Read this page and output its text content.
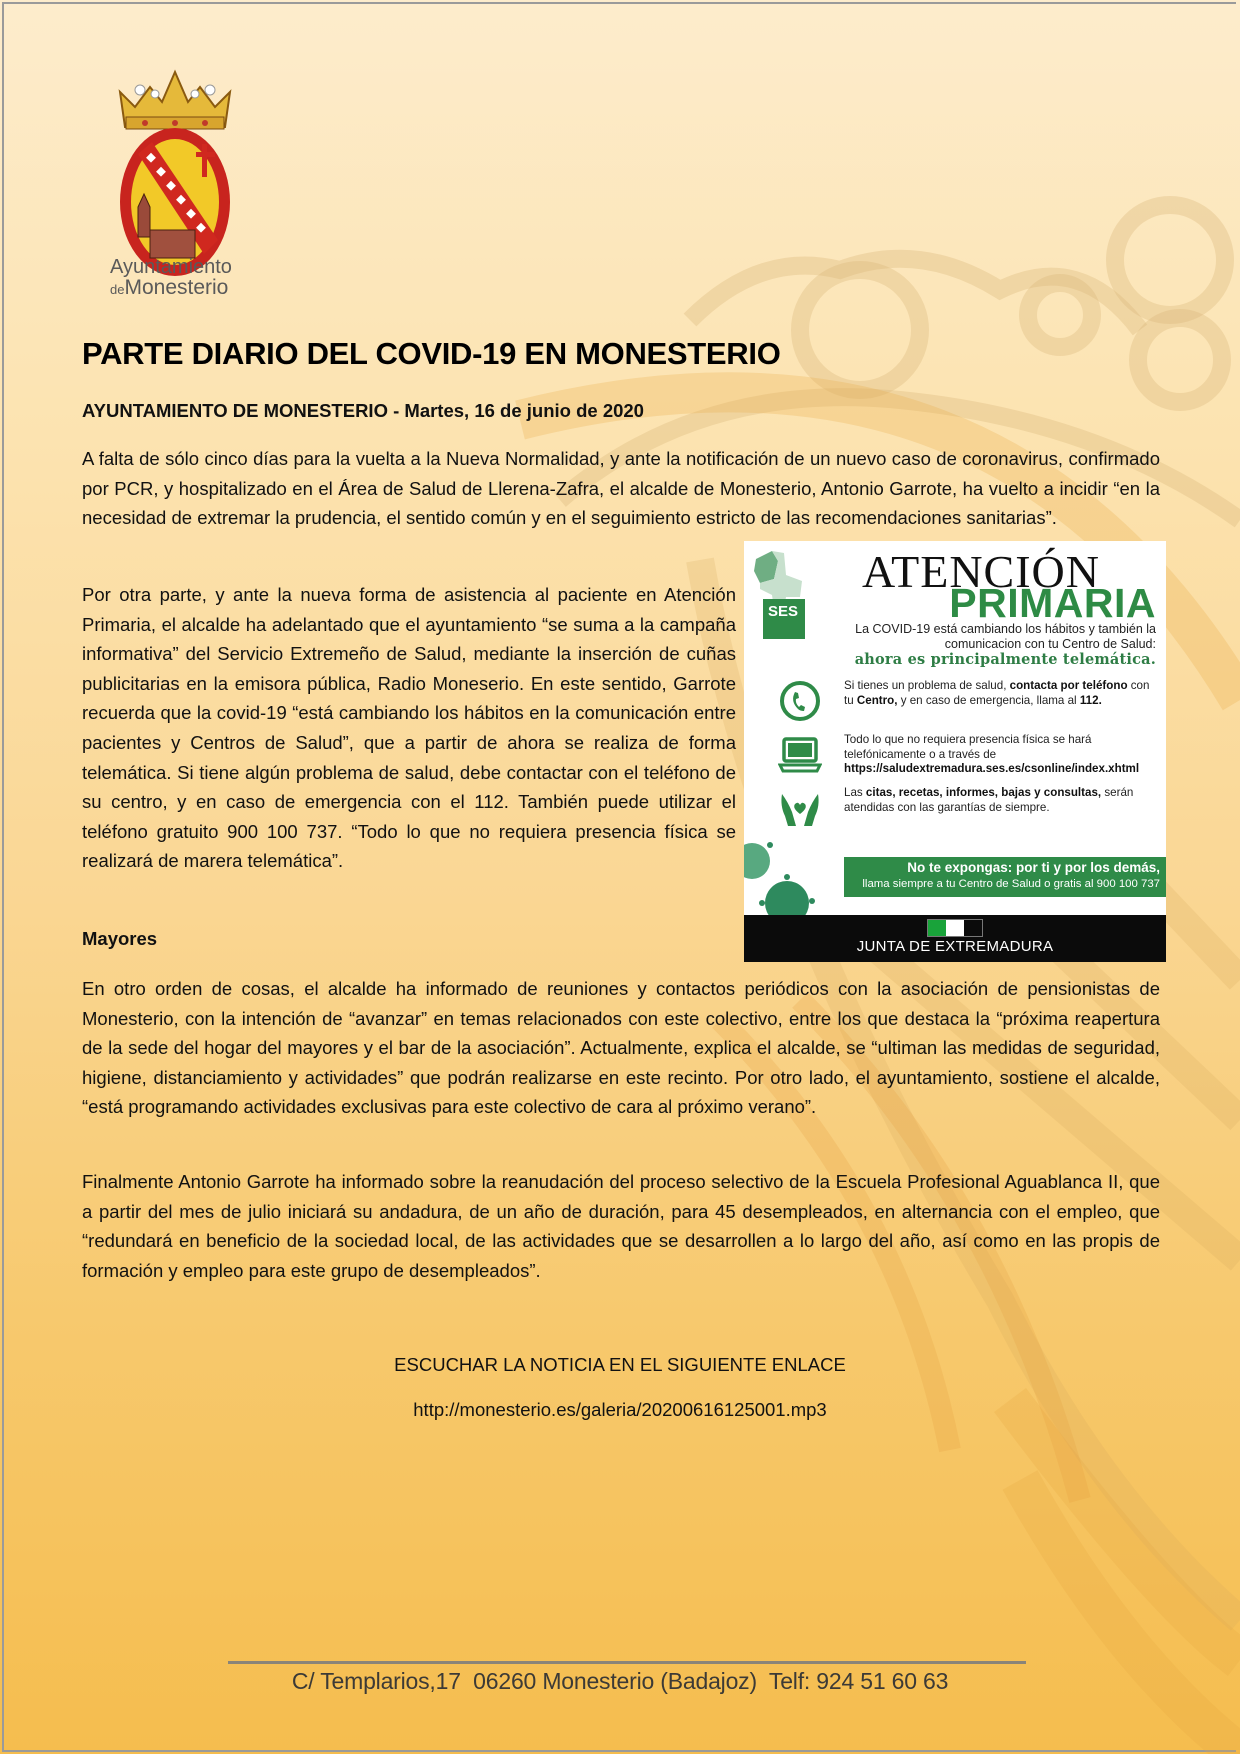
Ayuntamiento
deMonesterio
PARTE DIARIO DEL COVID-19 EN MONESTERIO
AYUNTAMIENTO DE MONESTERIO - Martes, 16 de junio de 2020

A falta de sólo cinco días para la vuelta a la Nueva Normalidad, y ante la notificación de un nuevo caso de coronavirus, confirmado por PCR, y hospitalizado en el Área de Salud de Llerena-Zafra, el alcalde de Monesterio, Antonio Garrote, ha vuelto a incidir “en la necesidad de extremar la prudencia, el sentido común y en el seguimiento estricto de las recomendaciones sanitarias”.

Por otra parte, y ante la nueva forma de asistencia al paciente en Atención Primaria, el alcalde ha adelantado que el ayuntamiento “se suma a la campaña informativa” del Servicio Extremeño de Salud, mediante la inserción de cuñas publicitarias en la emisora pública, Radio Moneserio. En este sentido, Garrote recuerda que la covid-19 “está cambiando los hábitos en la comunicación entre pacientes y Centros de Salud”, que a partir de ahora se realiza de forma telemática. Si tiene algún problema de salud, debe contactar con el teléfono de su centro, y en caso de emergencia con el 112. También puede utilizar el teléfono gratuito 900 100 737. “Todo lo que no requiera presencia física se realizará de marera telemática”.

SES
ATENCIÓN
PRIMARIA
La COVID-19 está cambiando los hábitos y también la comunicacion con tu Centro de Salud:
ahora es principalmente telemática.
Si tienes un problema de salud, contacta por teléfono con tu Centro, y en caso de emergencia, llama al 112.
Todo lo que no requiera presencia física se hará telefónicamente o a través de https://saludextremadura.ses.es/csonline/index.xhtml
Las citas, recetas, informes, bajas y consultas, serán atendidas con las garantías de siempre.
No te expongas: por ti y por los demás,
llama siempre a tu Centro de Salud o gratis al 900 100 737
JUNTA DE EXTREMADURA
Mayores

En otro orden de cosas, el alcalde ha informado de reuniones y contactos periódicos con la asociación de pensionistas de Monesterio, con la intención de “avanzar” en temas relacionados con este colectivo, entre los que destaca la “próxima reapertura de la sede del hogar del mayores y el bar de la asociación”. Actualmente, explica el alcalde, se “ultiman las medidas de seguridad, higiene, distanciamiento y actividades” que podrán realizarse en este recinto. Por otro lado, el ayuntamiento, sostiene el alcalde, “está programando actividades exclusivas para este colectivo de cara al próximo verano”.

Finalmente Antonio Garrote ha informado sobre la reanudación del proceso selectivo de la Escuela Profesional Aguablanca II, que a partir del mes de julio iniciará su andadura, de un año de duración, para 45 desempleados, en alternancia con el empleo, que “redundará en beneficio de la sociedad local, de las actividades que se desarrollen a lo largo del año, así como en las propis de formación y empleo para este grupo de desempleados”.

ESCUCHAR LA NOTICIA EN EL SIGUIENTE ENLACE

http://monesterio.es/galeria/20200616125001.mp3
C/ Templarios,17  06260 Monesterio (Badajoz)  Telf: 924 51 60 63
